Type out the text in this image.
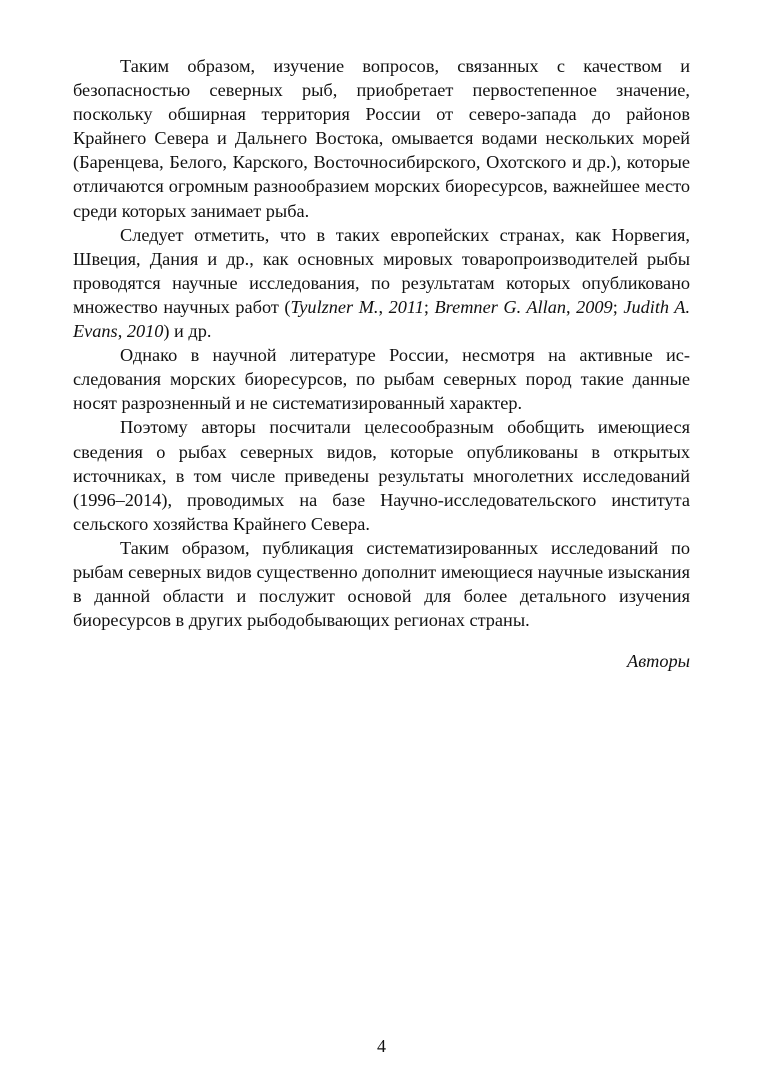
Таким образом, изучение вопросов, связанных с качеством и безопасностью северных рыб, приобретает первостепенное значение, поскольку обширная территория России от северо-запада до районов Крайнего Севера и Дальнего Востока, омывается водами нескольких морей (Баренцева, Белого, Карского, Восточносибирского, Охотского и др.), которые отличаются огромным разнообразием морских биоресурсов, важнейшее место среди которых занимает рыба.

Следует отметить, что в таких европейских странах, как Норвегия, Швеция, Дания и др., как основных мировых товаропроизводителей рыбы проводятся научные исследования, по результатам которых опубликовано множество научных работ (Tyulzner M., 2011; Bremner G. Allan, 2009; Judith A. Evans, 2010) и др.

Однако в научной литературе России, несмотря на активные исследования морских биоресурсов, по рыбам северных пород такие данные носят разрозненный и не систематизированный характер.

Поэтому авторы посчитали целесообразным обобщить имеющиеся сведения о рыбах северных видов, которые опубликованы в открытых источниках, в том числе приведены результаты многолетних исследований (1996–2014), проводимых на базе Научно-исследовательского института сельского хозяйства Крайнего Севера.

Таким образом, публикация систематизированных исследований по рыбам северных видов существенно дополнит имеющиеся научные изыскания в данной области и послужит основой для более детального изучения биоресурсов в других рыбодобывающих регионах страны.

Авторы

4
